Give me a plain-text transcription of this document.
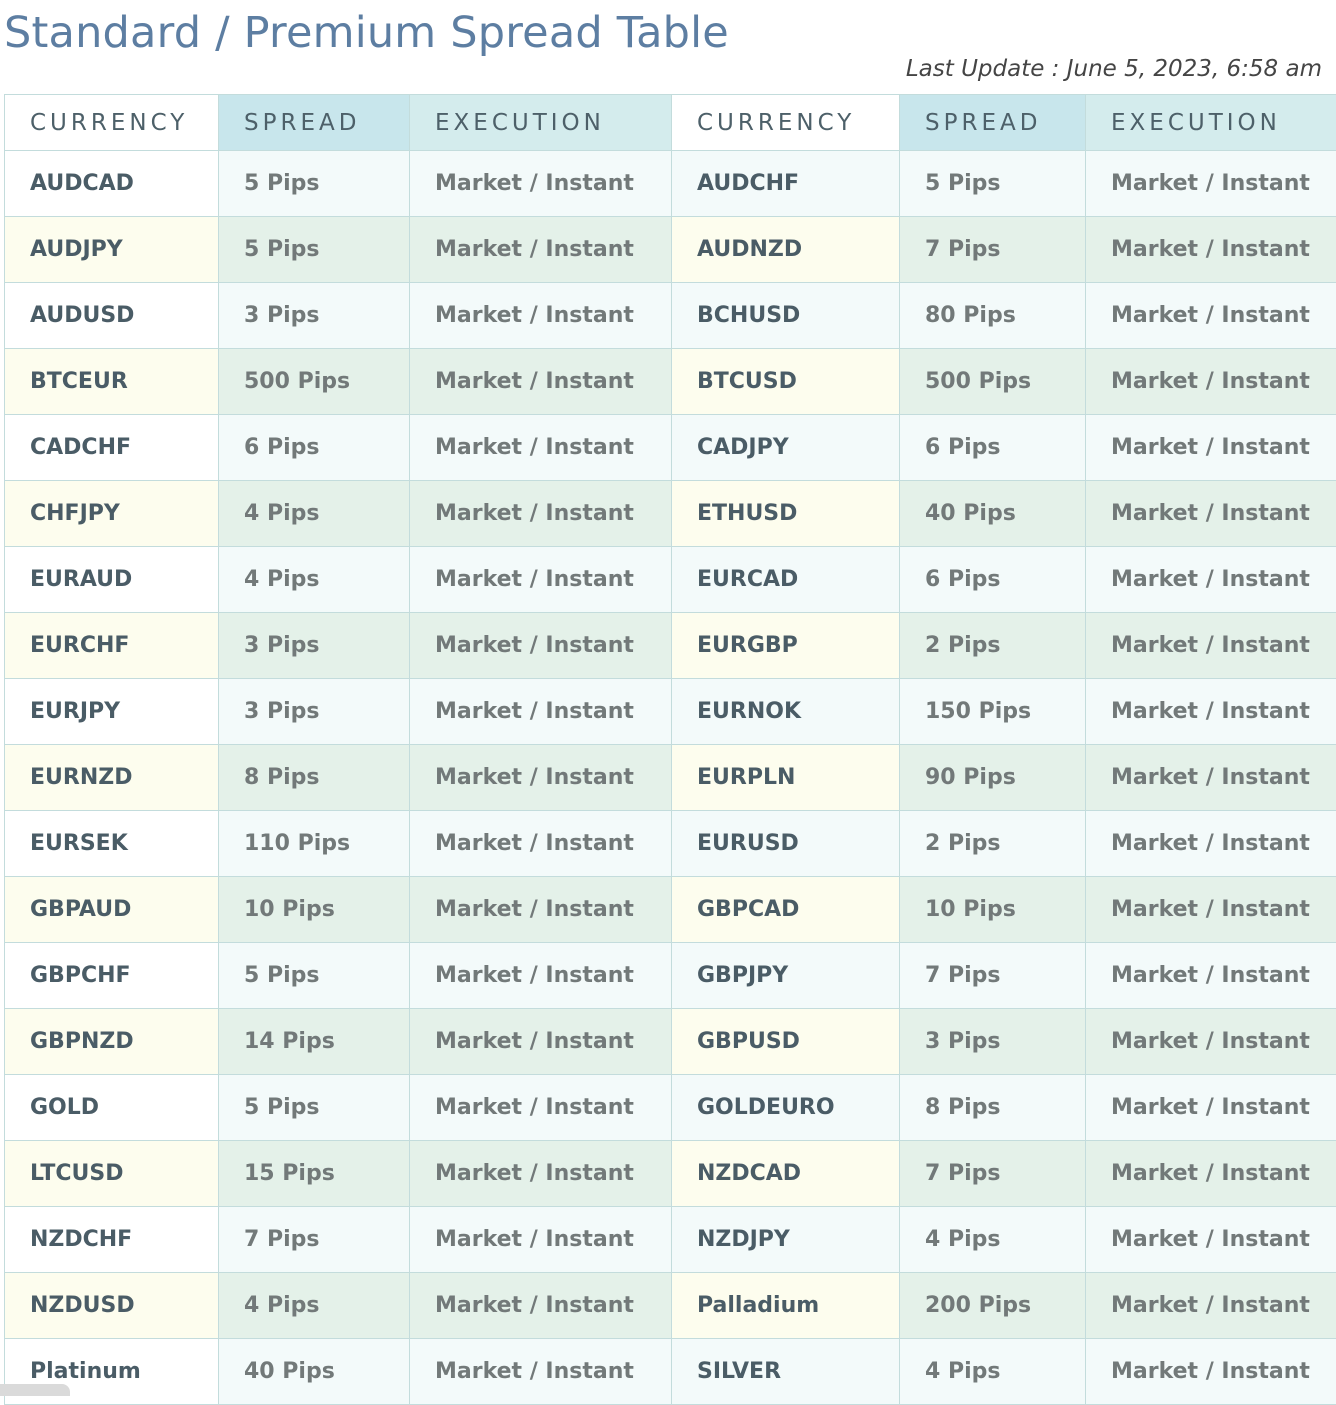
Standard / Premium Spread Table
Last Update : June 5, 2023, 6:58 am
CURRENCY	SPREAD	EXECUTION	CURRENCY	SPREAD	EXECUTION
AUDCAD	5 Pips	Market / Instant	AUDCHF	5 Pips	Market / Instant
AUDJPY	5 Pips	Market / Instant	AUDNZD	7 Pips	Market / Instant
AUDUSD	3 Pips	Market / Instant	BCHUSD	80 Pips	Market / Instant
BTCEUR	500 Pips	Market / Instant	BTCUSD	500 Pips	Market / Instant
CADCHF	6 Pips	Market / Instant	CADJPY	6 Pips	Market / Instant
CHFJPY	4 Pips	Market / Instant	ETHUSD	40 Pips	Market / Instant
EURAUD	4 Pips	Market / Instant	EURCAD	6 Pips	Market / Instant
EURCHF	3 Pips	Market / Instant	EURGBP	2 Pips	Market / Instant
EURJPY	3 Pips	Market / Instant	EURNOK	150 Pips	Market / Instant
EURNZD	8 Pips	Market / Instant	EURPLN	90 Pips	Market / Instant
EURSEK	110 Pips	Market / Instant	EURUSD	2 Pips	Market / Instant
GBPAUD	10 Pips	Market / Instant	GBPCAD	10 Pips	Market / Instant
GBPCHF	5 Pips	Market / Instant	GBPJPY	7 Pips	Market / Instant
GBPNZD	14 Pips	Market / Instant	GBPUSD	3 Pips	Market / Instant
GOLD	5 Pips	Market / Instant	GOLDEURO	8 Pips	Market / Instant
LTCUSD	15 Pips	Market / Instant	NZDCAD	7 Pips	Market / Instant
NZDCHF	7 Pips	Market / Instant	NZDJPY	4 Pips	Market / Instant
NZDUSD	4 Pips	Market / Instant	Palladium	200 Pips	Market / Instant
Platinum	40 Pips	Market / Instant	SILVER	4 Pips	Market / Instant
